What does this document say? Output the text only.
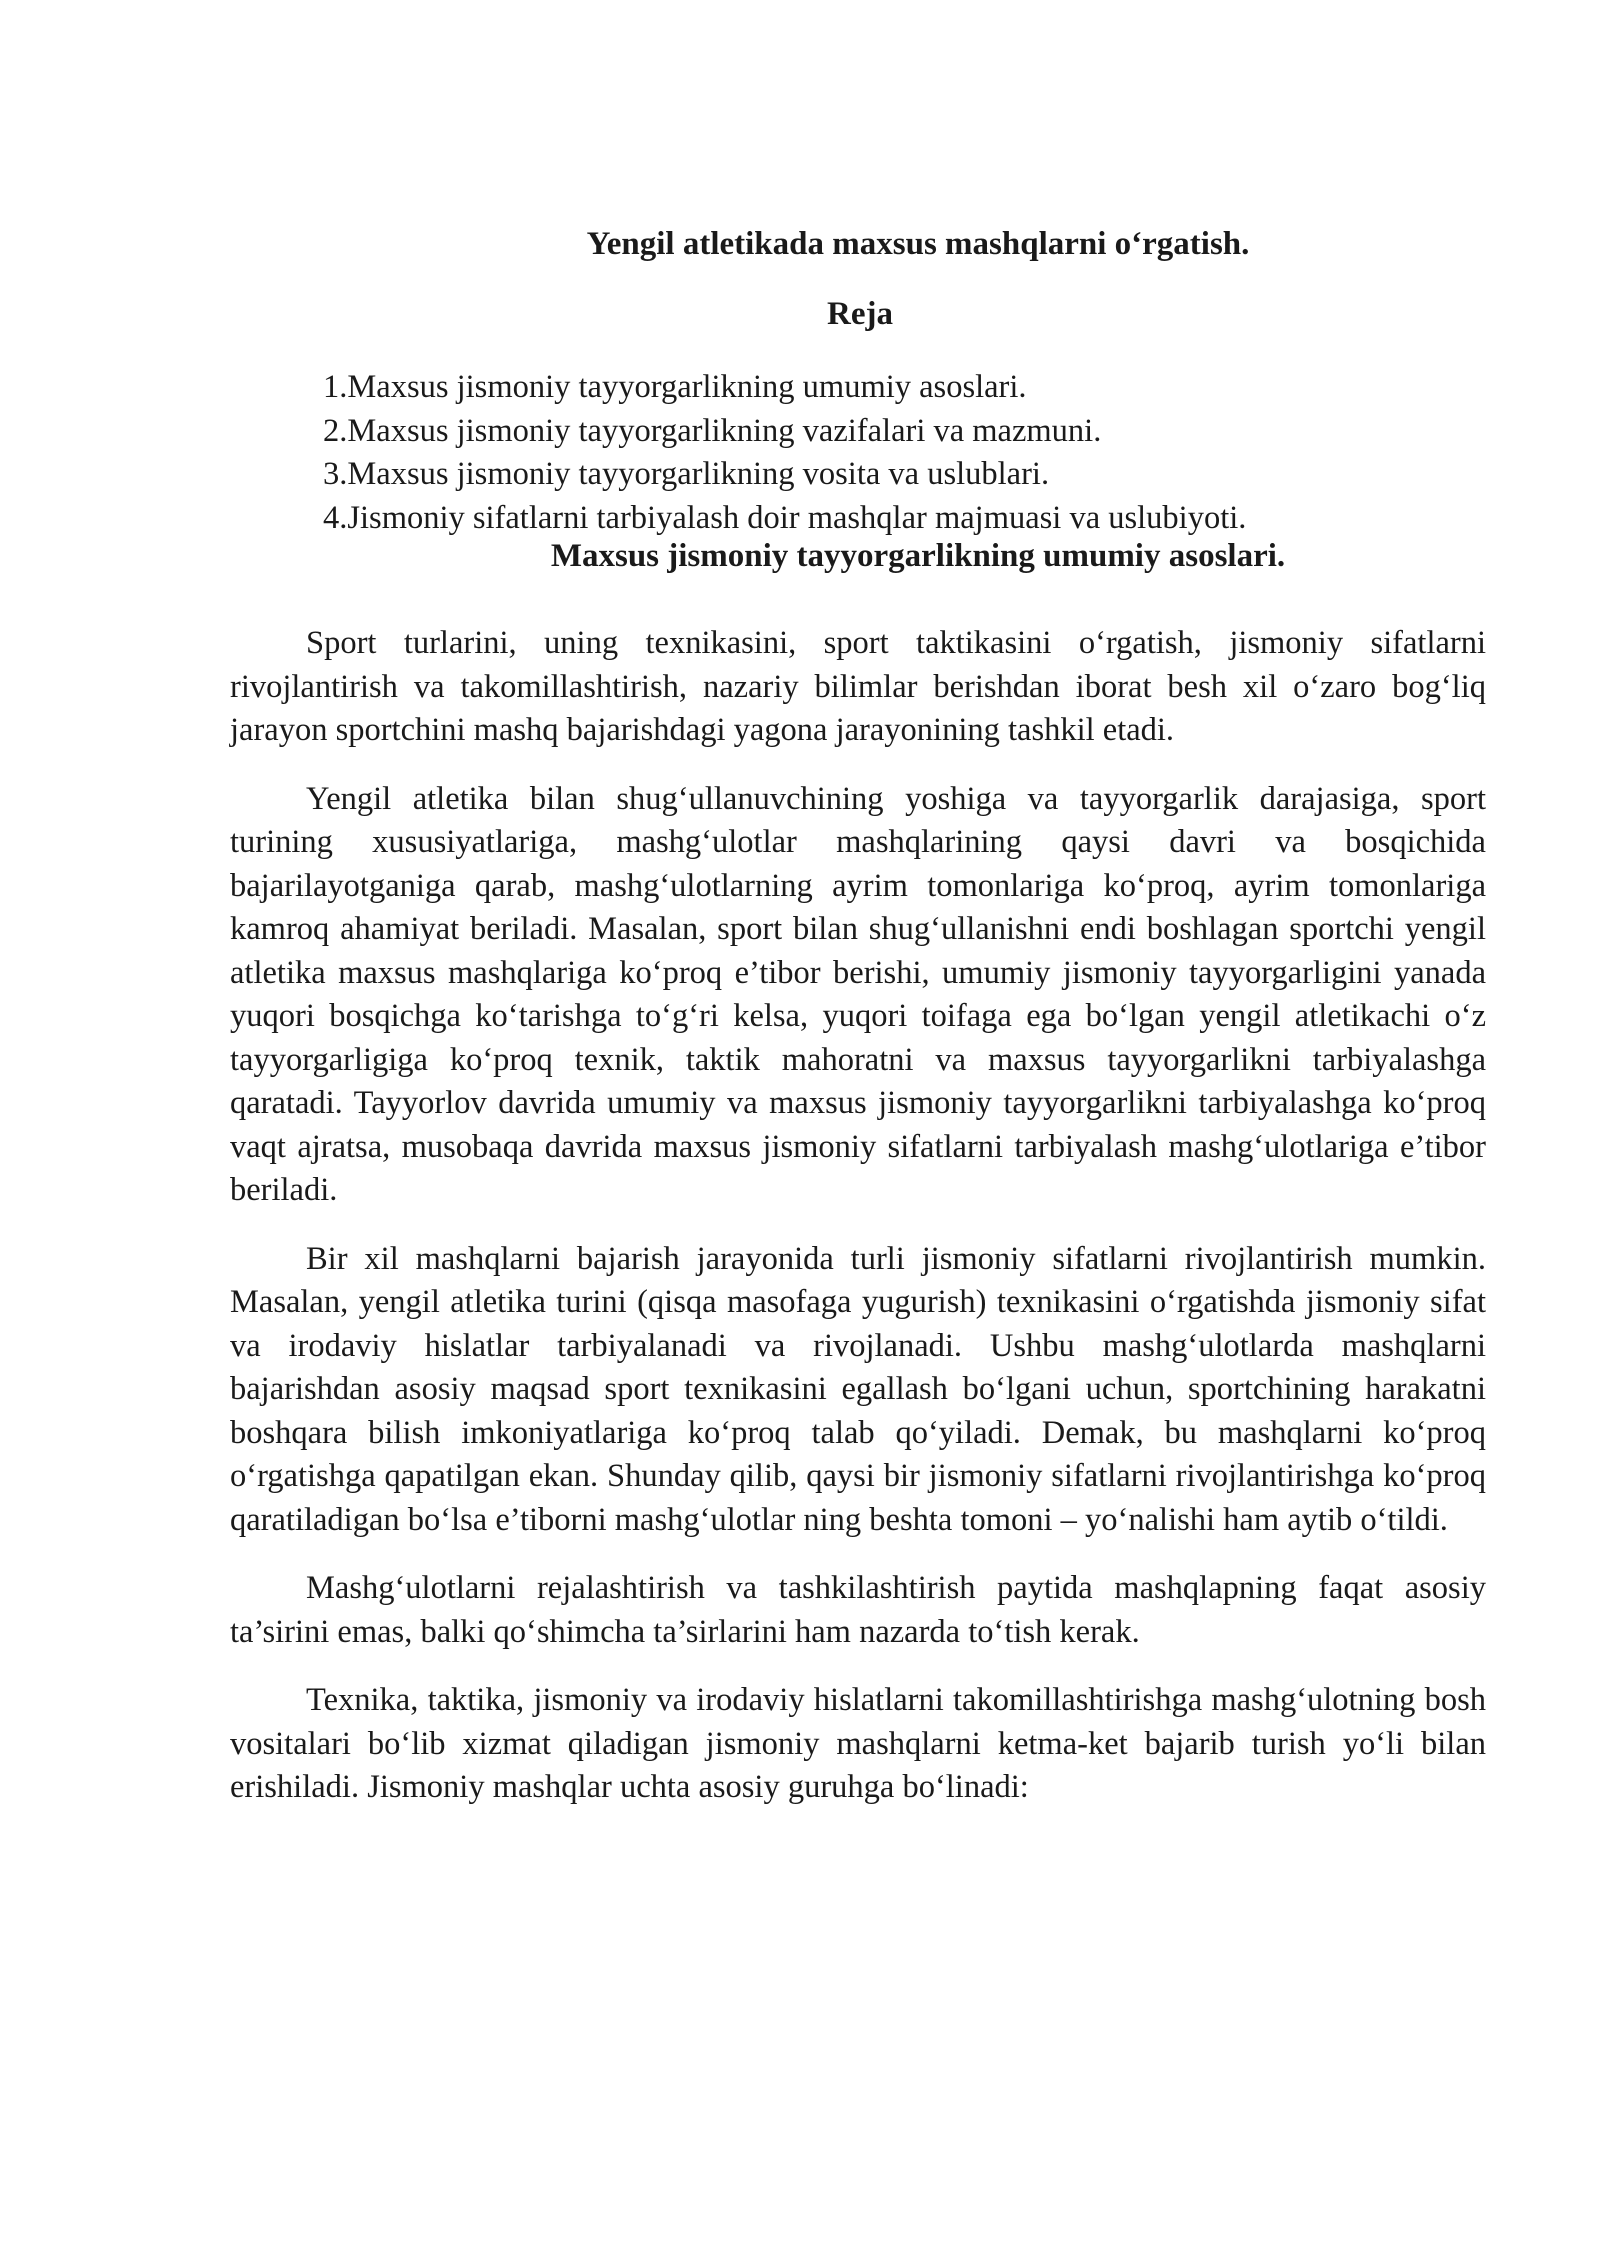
Yengil atletikada maxsus mashqlarni o‘rgatish.
Reja
1.Maxsus jismoniy tayyorgarlikning umumiy asoslari.
2.Maxsus jismoniy tayyorgarlikning vazifalari va mazmuni.
3.Maxsus jismoniy tayyorgarlikning vosita va uslublari.
4.Jismoniy sifatlarni tarbiyalash doir mashqlar majmuasi va uslubiyoti.
Maxsus jismoniy tayyorgarlikning umumiy asoslari.

Sport turlarini, uning texnikasini, sport taktikasini o‘rgatish, jismoniy sifatlarni rivojlantirish va takomillashtirish, nazariy bilimlar berishdan iborat besh xil o‘zaro bog‘liq jarayon sportchini mashq bajarishdagi yagona jarayonining tashkil etadi.

Yengil atletika bilan shug‘ullanuvchining yoshiga va tayyorgarlik darajasiga, sport turining xususiyatlariga, mashg‘ulotlar mashqlarining qaysi davri va bosqichida bajarilayotganiga qarab, mashg‘ulotlarning ayrim tomonlariga ko‘proq, ayrim tomonlariga kamroq ahamiyat beriladi. Masalan, sport bilan shug‘ullanishni endi boshlagan sportchi yengil atletika maxsus mashqlariga ko‘proq e’tibor berishi, umumiy jismoniy tayyorgarligini yanada yuqori bosqichga ko‘tarishga to‘g‘ri kelsa, yuqori toifaga ega bo‘lgan yengil atletikachi o‘z tayyorgarligiga ko‘proq texnik, taktik mahoratni va maxsus tayyorgarlikni tarbiyalashga qaratadi. Tayyorlov davrida umumiy va maxsus jismoniy tayyorgarlikni tarbiyalashga ko‘proq vaqt ajratsa, musobaqa davrida maxsus jismoniy sifatlarni tarbiyalash mashg‘ulotlariga e’tibor beriladi.

Bir xil mashqlarni bajarish jarayonida turli jismoniy sifatlarni rivojlantirish mumkin. Masalan, yengil atletika turini (qisqa masofaga yugurish) texnikasini o‘rgatishda jismoniy sifat va irodaviy hislatlar tarbiyalanadi va rivojlanadi. Ushbu mashg‘ulotlarda mashqlarni bajarishdan asosiy maqsad sport texnikasini egallash bo‘lgani uchun, sportchining harakatni boshqara bilish imkoniyatlariga ko‘proq talab qo‘yiladi. Demak, bu mashqlarni ko‘proq o‘rgatishga qapatilgan ekan. Shunday qilib, qaysi bir jismoniy sifatlarni rivojlantirishga ko‘proq qaratiladigan bo‘lsa e’tiborni mashg‘ulotlar ning beshta tomoni – yo‘nalishi ham aytib o‘tildi.

Mashg‘ulotlarni rejalashtirish va tashkilashtirish paytida mashqlapning faqat asosiy ta’sirini emas, balki qo‘shimcha ta’sirlarini ham nazarda to‘tish kerak.

Texnika, taktika, jismoniy va irodaviy hislatlarni takomillashtirishga mashg‘ulotning bosh vositalari bo‘lib xizmat qiladigan jismoniy mashqlarni ketma-ket bajarib turish yo‘li bilan erishiladi. Jismoniy mashqlar uchta asosiy guruhga bo‘linadi:
